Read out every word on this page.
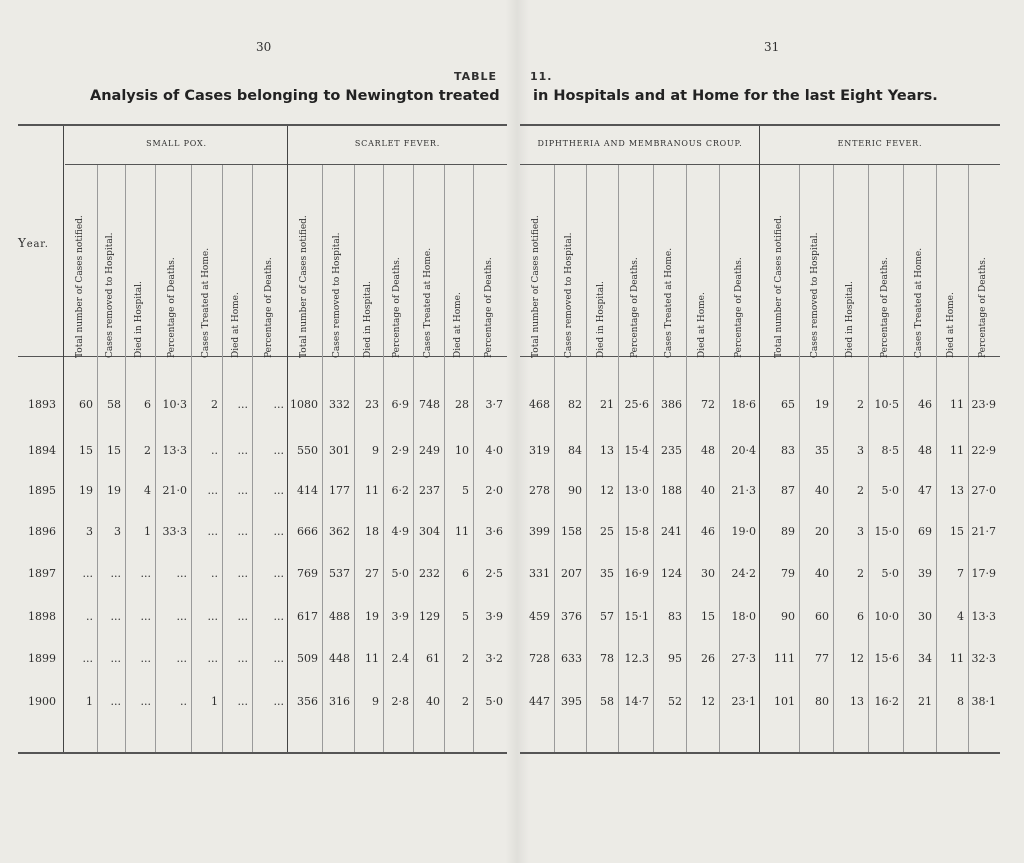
30	31
TABLE	11.
Analysis of Cases belonging to Newington treated in Hospitals and at Home for the last Eight Years.
Year.
SMALL POX.	SCARLET FEVER.	DIPHTHERIA AND MEMBRANOUS CROUP.	ENTERIC FEVER.
Total number of Cases notified. Cases removed to Hospital. Died in Hospital.	Percentage of Deaths.	Cases Treated at Home. Died at Home.	Percentage of Deaths.	Total number of Cases notified.	Cases removed to Hospital. Died in Hospital. Percentage of Deaths. Cases Treated at Home. Died at Home. Percentage of Deaths.	Total number of Cases notified.	Cases removed to Hospital. Died in Hospital.	Percentage of Deaths.	Cases Treated at Home.	Died at Home.	Percentage of Deaths.	Total number of Cases notified.	Cases removed to Hospital.	Died in Hospital.	Percentage of Deaths.	Cases Treated at Home.	Died at Home. Percentage of Deaths.
1893	60	58	6	10·3	2	...	... 1080	332	23	6·9 748	28	3·7	468	82	21 25·6	386	72	18·6	65	19	2 10·5	46	11 23·9
1894	15	15	2	13·3	..	...	...	550	301	9	2·9 249	10	4·0	319	84	13 15·4	235	48	20·4	83	35	3	8·5	48	11 22·9
1895	19	19	4	21·0	...	...	...	414	177	11	6·2 237	5	2·0	278	90	12 13·0	188	40	21·3	87	40	2	5·0	47	13 27·0
1896	3	3	1	33·3	...	...	...	666	362	18	4·9 304	11	3·6	399	158	25 15·8	241	46	19·0	89	20	3 15·0	69	15 21·7
1897	...	...	...	...	..	...	...	769	537	27	5·0 232	6	2·5	331	207	35 16·9	124	30	24·2	79	40	2	5·0	39	7 17·9
1898	..	...	...	...	...	...	...	617	488	19	3·9 129	5	3·9	459	376	57 15·1	83	15	18·0	90	60	6 10·0	30	4 13·3
1899	...	...	...	...	...	...	...	509	448	11	2.4	61	2	3·2	728	633	78 12.3	95	26	27·3	111	77	12 15·6	34	11 32·3
1900	1	...	...	..	1	...	...	356	316	9	2·8	40	2	5·0	447	395	58 14·7	52	12	23·1	101	80	13 16·2	21	8 38·1
